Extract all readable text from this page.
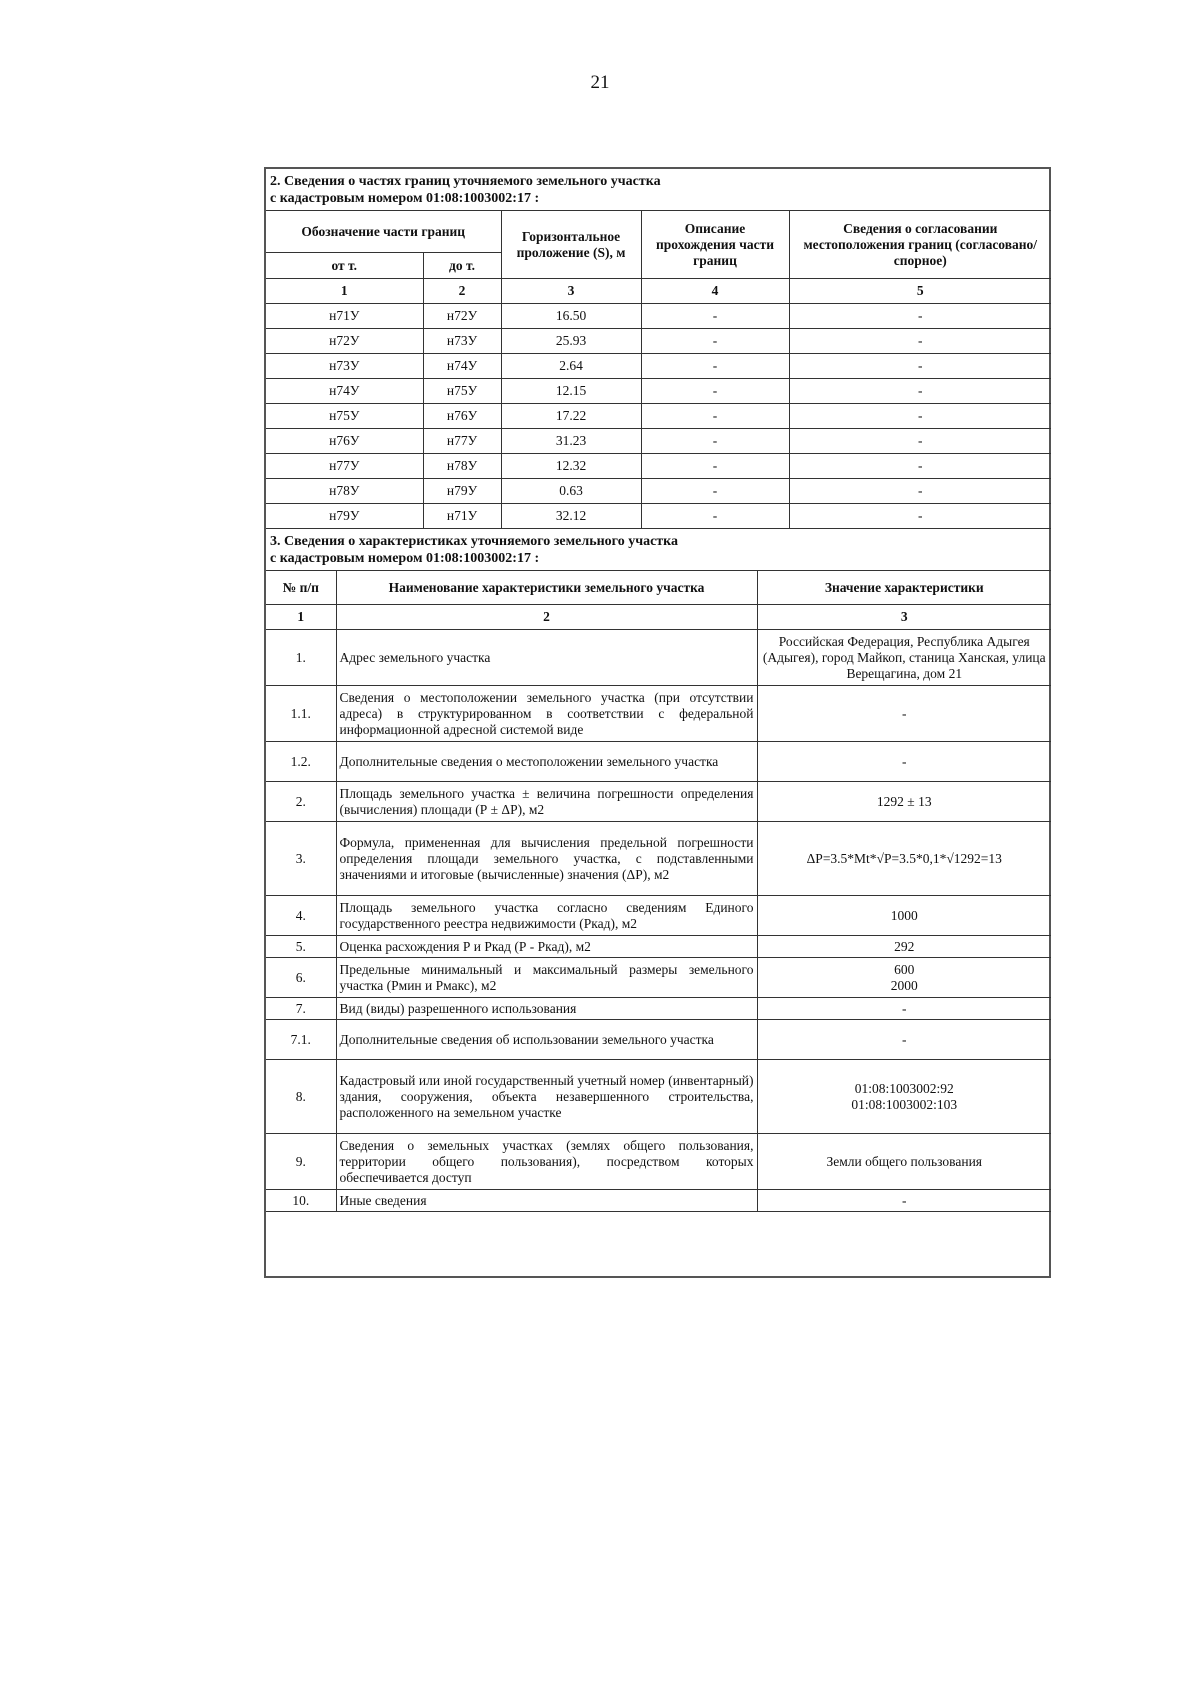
21
2. Сведения о частях границ уточняемого земельного участка
с кадастровым номером 01:08:1003002:17 :				

Обозначение части границ		Горизонтальное проложение (S), м	Описание прохождения части границ	Сведения о согласовании местоположения границ (согласовано/спорное)
от т.	до т.			
1	2	3	4	5
н71У	н72У	16.50	-	-
н72У	н73У	25.93	-	-
н73У	н74У	2.64	-	-
н74У	н75У	12.15	-	-
н75У	н76У	17.22	-	-
н76У	н77У	31.23	-	-
н77У	н78У	12.32	-	-
н78У	н79У	0.63	-	-
н79У	н71У	32.12	-	-
3. Сведения о характеристиках уточняемого земельного участка
с кадастровым номером 01:08:1003002:17 :		

№ п/п	Наименование характеристики земельного участка	Значение характеристики
1	2	3
1.	Адрес земельного участка	Российская Федерация, Республика Адыгея (Адыгея), город Майкоп, станица Ханская, улица Верещагина, дом 21
1.1.	Сведения о местоположении земельного участка (при отсутствии адреса) в структурированном в соответствии с федеральной информационной адресной системой виде	-
1.2.	Дополнительные сведения о местоположении земельного участка	-
2.	Площадь земельного участка ± величина погрешности определения (вычисления) площади (Р ± ΔР), м2	1292 ± 13
3.	Формула, примененная для вычисления предельной погрешности определения площади земельного участка, с подставленными значениями и итоговые (вычисленные) значения (ΔР), м2	ΔР=3.5*Mt*√P=3.5*0,1*√1292=13
4.	Площадь земельного участка согласно сведениям Единого государственного реестра недвижимости (Ркад), м2	1000
5.	Оценка расхождения Р и Ркад (Р - Ркад), м2	292
6.	Предельные минимальный и максимальный размеры земельного участка (Рмин и Рмакс), м2	600
2000

7.	Вид (виды) разрешенного использования	-
7.1.	Дополнительные сведения об использовании земельного участка	-
8.	Кадастровый или иной государственный учетный номер (инвентарный) здания, сооружения, объекта незавершенного строительства, расположенного на земельном участке	01:08:1003002:92
01:08:1003002:103

9.	Сведения о земельных участках (землях общего пользования, территории общего пользования), посредством которых обеспечивается доступ	Земли общего пользования
10.	Иные сведения	-
